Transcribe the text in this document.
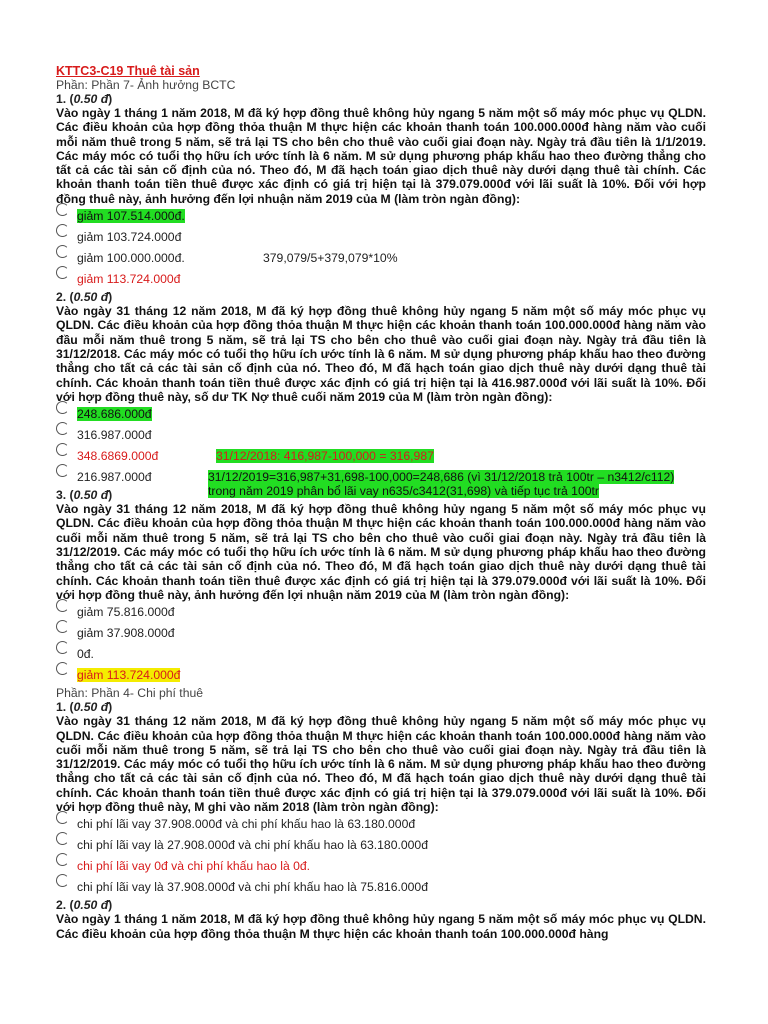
KTTC3-C19 Thuê tài sản
Phần: Phần 7- Ảnh hưởng BCTC
1. (0.50 đ)
Vào ngày 1 tháng 1 năm 2018, M đã ký hợp đồng thuê không hủy ngang 5 năm một số máy móc phục vụ QLDN. Các điều khoản của hợp đồng thỏa thuận M thực hiện các khoản thanh toán 100.000.000đ hàng năm vào cuối mỗi năm thuê trong 5 năm, sẽ trả lại TS cho bên cho thuê vào cuối giai đoạn này. Ngày trả đầu tiên là 1/1/2019. Các máy móc có tuổi thọ hữu ích ước tính là 6 năm. M sử dụng phương pháp khấu hao theo đường thẳng cho tất cả các tài sản cố định của nó. Theo đó, M đã hạch toán giao dịch thuê này dưới dạng thuê tài chính. Các khoản thanh toán tiền thuê được xác định có giá trị hiện tại là 379.079.000đ với lãi suất là 10%. Đối với hợp đồng thuê này, ảnh hưởng đến lợi nhuận năm 2019 của M (làm tròn ngàn đồng):
giảm 107.514.000đ.
giảm 103.724.000đ
giảm 100.000.000đ.	379,079/5+379,079*10%
giảm 113.724.000đ
2. (0.50 đ)
Vào ngày 31 tháng 12 năm 2018, M đã ký hợp đồng thuê không hủy ngang 5 năm một số máy móc phục vụ QLDN. Các điều khoản của hợp đồng thỏa thuận M thực hiện các khoản thanh toán 100.000.000đ hàng năm vào đầu mỗi năm thuê trong 5 năm, sẽ trả lại TS cho bên cho thuê vào cuối giai đoạn này. Ngày trả đầu tiên là 31/12/2018. Các máy móc có tuổi thọ hữu ích ước tính là 6 năm. M sử dụng phương pháp khấu hao theo đường thẳng cho tất cả các tài sản cố định của nó. Theo đó, M đã hạch toán giao dịch thuê này dưới dạng thuê tài chính. Các khoản thanh toán tiền thuê được xác định có giá trị hiện tại là 416.987.000đ với lãi suất là 10%. Đối với hợp đồng thuê này, số dư TK Nợ thuê cuối năm 2019 của M (làm tròn ngàn đồng):
248.686.000đ
316.987.000đ
348.6869.000đ	31/12/2018: 416,987-100,000 = 316,987
216.987.000đ	31/12/2019=316,987+31,698-100,000=248,686 (vì 31/12/2018 trả 100tr – n3412/c112)
trong năm 2019 phân bổ lãi vay n635/c3412(31,698) và tiếp tục trả 100tr
3. (0.50 đ)
Vào ngày 31 tháng 12 năm 2018, M đã ký hợp đồng thuê không hủy ngang 5 năm một số máy móc phục vụ QLDN. Các điều khoản của hợp đồng thỏa thuận M thực hiện các khoản thanh toán 100.000.000đ hàng năm vào cuối mỗi năm thuê trong 5 năm, sẽ trả lại TS cho bên cho thuê vào cuối giai đoạn này. Ngày trả đầu tiên là 31/12/2019. Các máy móc có tuổi thọ hữu ích ước tính là 6 năm. M sử dụng phương pháp khấu hao theo đường thẳng cho tất cả các tài sản cố định của nó. Theo đó, M đã hạch toán giao dịch thuê này dưới dạng thuê tài chính. Các khoản thanh toán tiền thuê được xác định có giá trị hiện tại là 379.079.000đ với lãi suất là 10%. Đối với hợp đồng thuê này, ảnh hưởng đến lợi nhuận năm 2019 của M (làm tròn ngàn đồng):
giảm 75.816.000đ
giảm 37.908.000đ
0đ.
giảm 113.724.000đ
Phần: Phần 4- Chi phí thuê
1. (0.50 đ)
Vào ngày 31 tháng 12 năm 2018, M đã ký hợp đồng thuê không hủy ngang 5 năm một số máy móc phục vụ QLDN. Các điều khoản của hợp đồng thỏa thuận M thực hiện các khoản thanh toán 100.000.000đ hàng năm vào cuối mỗi năm thuê trong 5 năm, sẽ trả lại TS cho bên cho thuê vào cuối giai đoạn này. Ngày trả đầu tiên là 31/12/2019. Các máy móc có tuổi thọ hữu ích ước tính là 6 năm. M sử dụng phương pháp khấu hao theo đường thẳng cho tất cả các tài sản cố định của nó. Theo đó, M đã hạch toán giao dịch thuê này dưới dạng thuê tài chính. Các khoản thanh toán tiền thuê được xác định có giá trị hiện tại là 379.079.000đ với lãi suất là 10%. Đối với hợp đồng thuê này, M ghi vào năm 2018 (làm tròn ngàn đồng):
chi phí lãi vay 37.908.000đ và chi phí khấu hao là 63.180.000đ
chi phí lãi vay là 27.908.000đ và chi phí khấu hao là 63.180.000đ
chi phí lãi vay 0đ và chi phí khấu hao là 0đ.
chi phí lãi vay là 37.908.000đ và chi phí khấu hao là 75.816.000đ
2. (0.50 đ)
Vào ngày 1 tháng 1 năm 2018, M đã ký hợp đồng thuê không hủy ngang 5 năm một số máy móc phục vụ QLDN. Các điều khoản của hợp đồng thỏa thuận M thực hiện các khoản thanh toán 100.000.000đ hàng
